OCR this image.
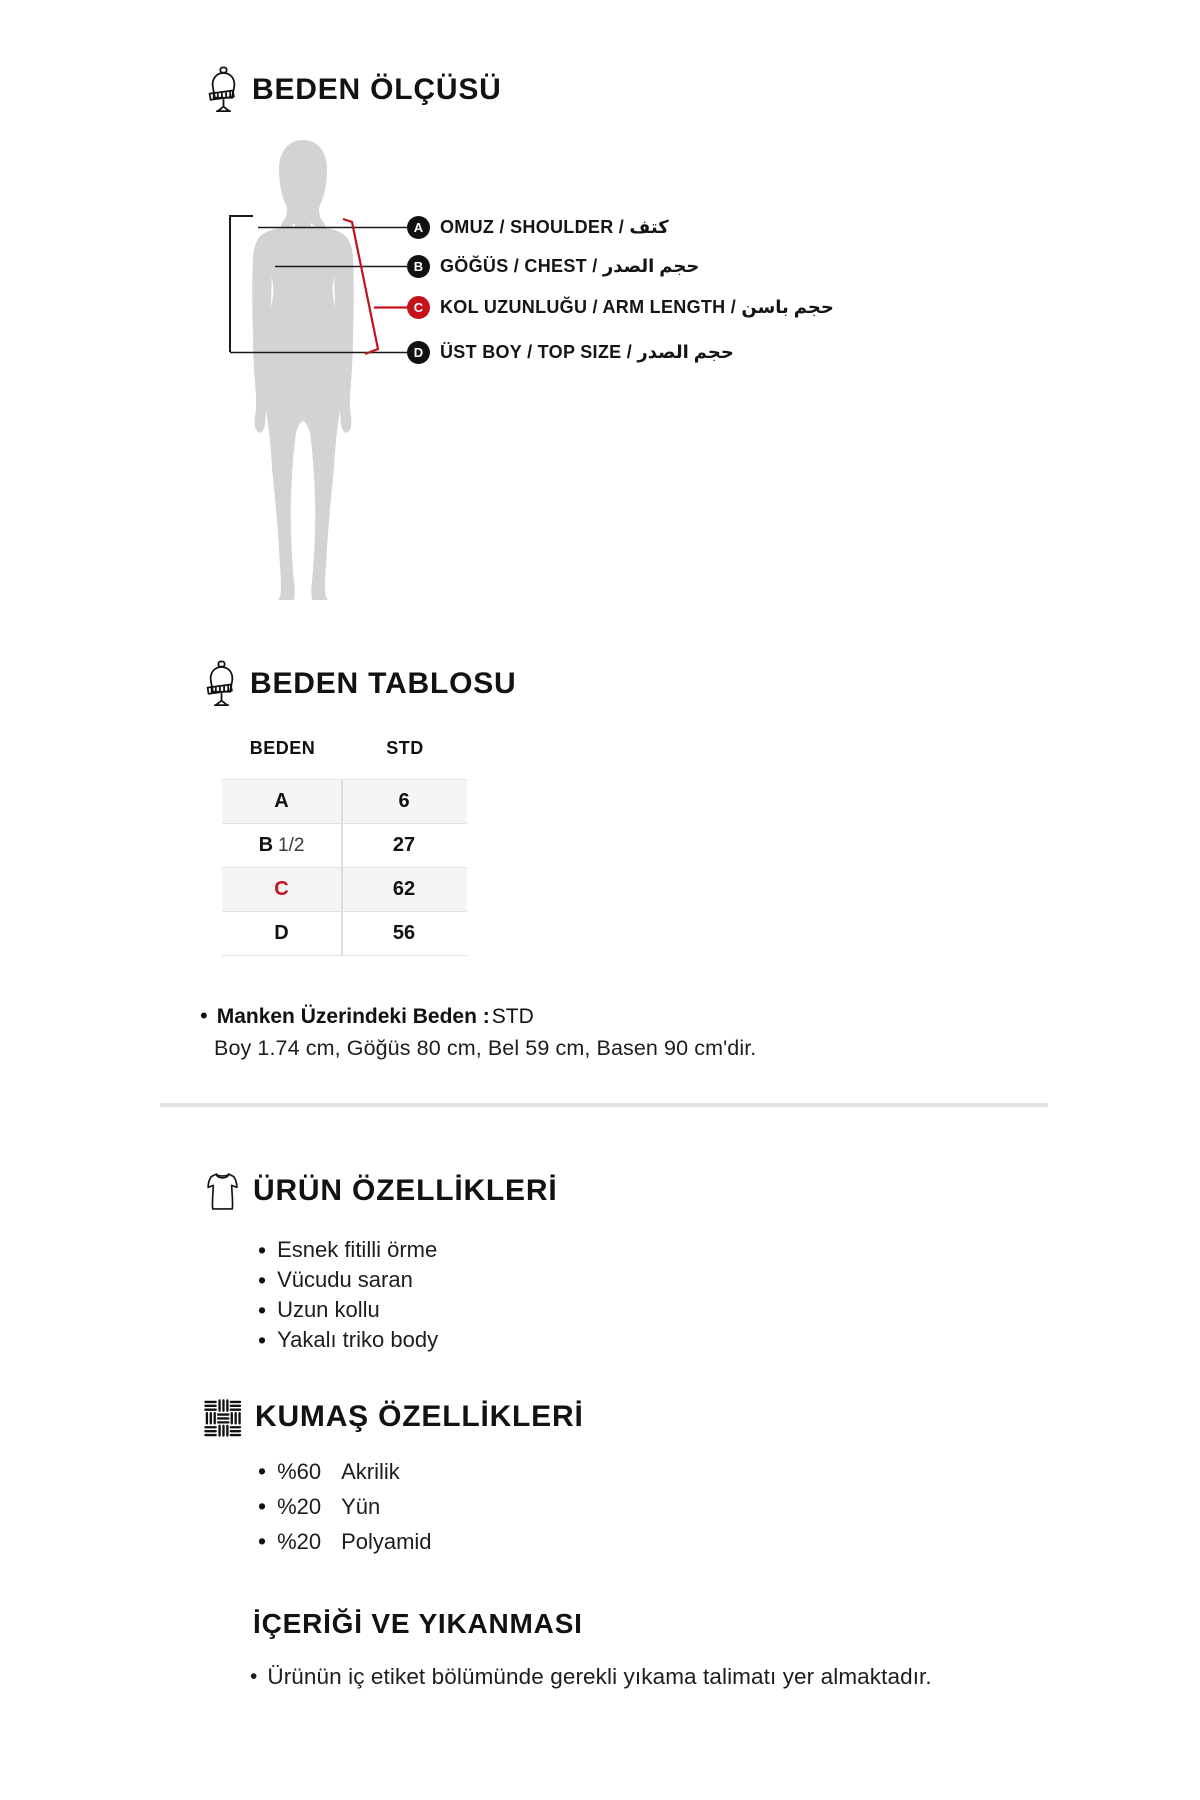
BEDEN ÖLÇÜSÜ
A OMUZ / SHOULDER / كتف
B GÖĞÜS / CHEST / حجم الصدر
C KOL UZUNLUĞU / ARM LENGTH / حجم باسن
D ÜST BOY / TOP SIZE / حجم الصدر
BEDEN TABLOSU
BEDEN	STD
A	6
B 1/2	27
C	62
D	56
• Manken Üzerindeki Beden :STD
Boy 1.74 cm, Göğüs 80 cm, Bel 59 cm, Basen 90 cm'dir.
ÜRÜN ÖZELLİKLERİ
• Esnek fitilli örme
• Vücudu saran
• Uzun kollu
• Yakalı triko body
KUMAŞ ÖZELLİKLERİ
• %60 Akrilik
• %20 Yün
• %20 Polyamid
İÇERİĞİ VE YIKANMASI
• Ürünün iç etiket bölümünde gerekli yıkama talimatı yer almaktadır.
